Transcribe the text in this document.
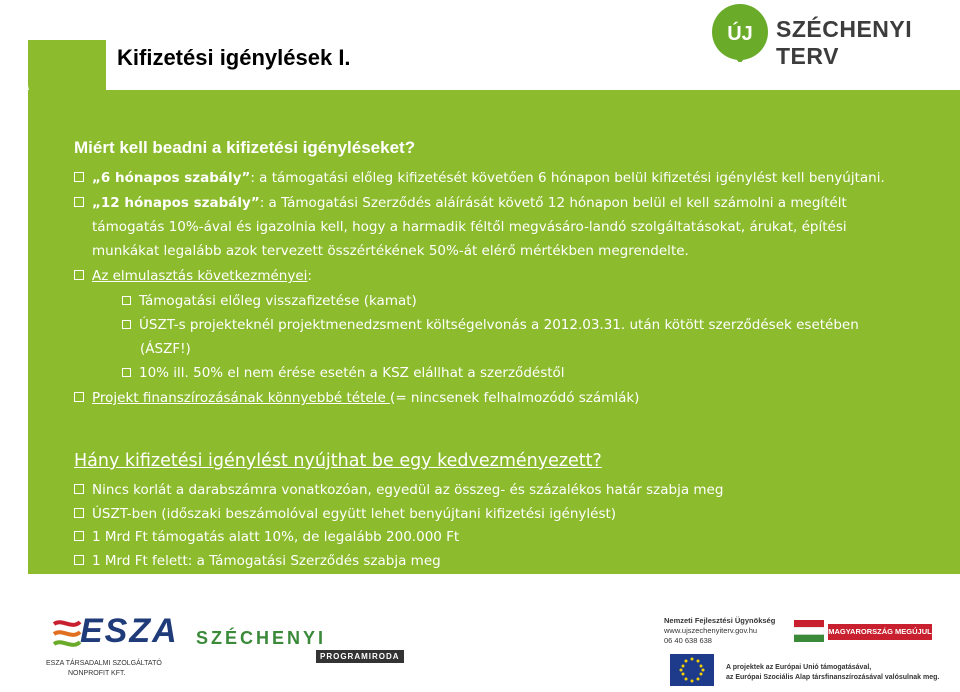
Kifizetési igénylések I.
ÚJ SZÉCHENYI TERV
Miért kell beadni a kifizetési igényléseket?
„6 hónapos szabály”: a támogatási előleg kifizetését követően 6 hónapon belül kifizetési igénylést kell benyújtani.
„12 hónapos szabály”: a Támogatási Szerződés aláírását követő 12 hónapon belül el kell számolni a megítélt
támogatás 10%-ával és igazolnia kell, hogy a harmadik féltől megvásáro-landó szolgáltatásokat, árukat, építési
munkákat legalább azok tervezett összértékének 50%-át elérő mértékben megrendelte.
Az elmulasztás következményei:
Támogatási előleg visszafizetése (kamat)
ÚSZT-s projekteknél projektmenedzsment költségelvonás a 2012.03.31. után kötött szerződések esetében
(ÁSZF!)
10% ill. 50% el nem érése esetén a KSZ elállhat a szerződéstől
Projekt finanszírozásának könnyebbé tétele (= nincsenek felhalmozódó számlák)
Hány kifizetési igénylést nyújthat be egy kedvezményezett?
Nincs korlát a darabszámra vonatkozóan, egyedül az összeg- és százalékos határ szabja meg
ÚSZT-ben (időszaki beszámolóval együtt lehet benyújtani kifizetési igénylést)
1 Mrd Ft támogatás alatt 10%, de legalább 200.000 Ft
1 Mrd Ft felett: a Támogatási Szerződés szabja meg
ESZA
ESZA TÁRSADALMI SZOLGÁLTATÓ
NONPROFIT KFT.
SZÉCHENYI
PROGRAMIRODA
Nemzeti Fejlesztési Ügynökség
www.ujszechenyiterv.gov.hu
06 40 638 638
MAGYARORSZÁG MEGÚJUL
A projektek az Európai Unió támogatásával,
az Európai Szociális Alap társfinanszírozásával valósulnak meg.
